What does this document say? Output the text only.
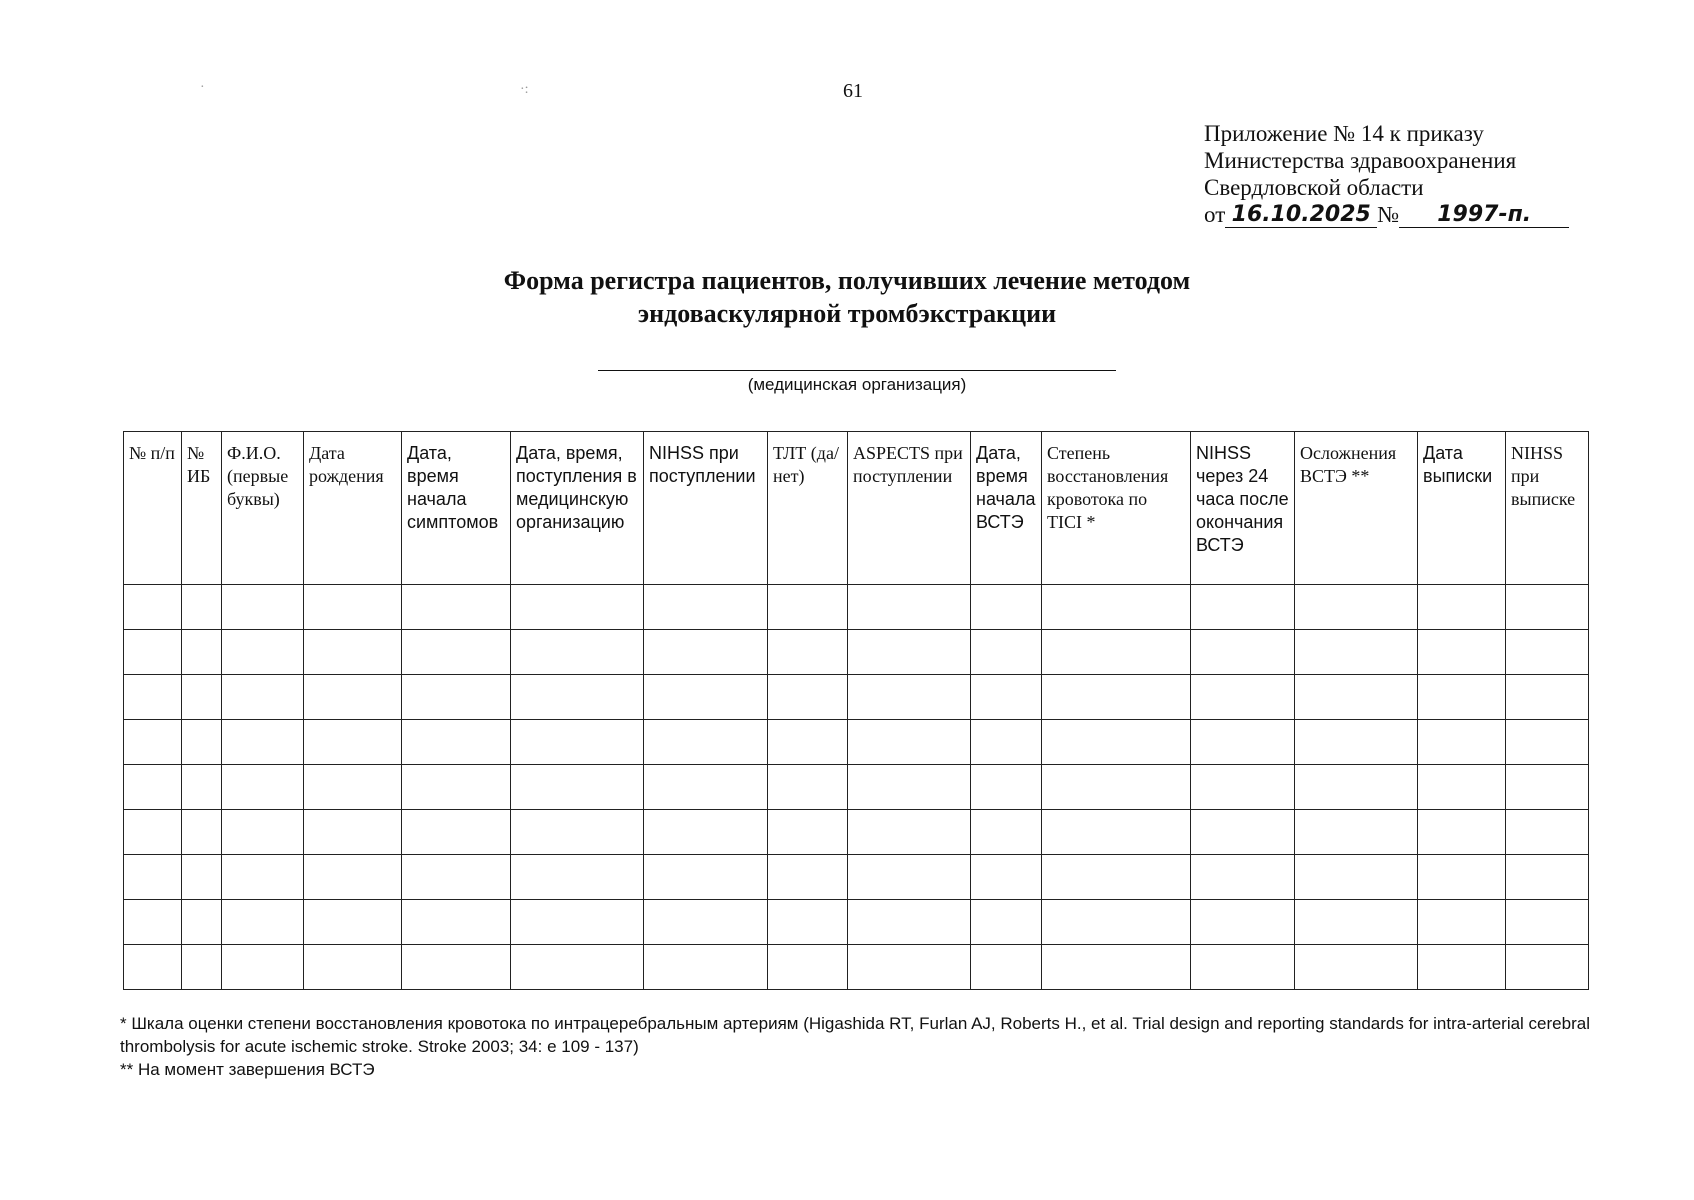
61
·	·:
Приложение № 14 к приказу
Министерства здравоохранения
Свердловской области
от 16.10.2025 №	1997-п.
Форма регистра пациентов, получивших лечение методом
эндоваскулярной тромбэкстракции
(медицинская организация)
№ п/п	№ ИБ	Ф.И.О. (первые буквы)	Дата рождения	Дата, время начала симптомов	Дата, время, поступления в медицинскую организацию	NIHSS при поступлении	ТЛТ (да/нет)	ASPECTS при поступлении	Дата, время начала ВСТЭ	Степень восстановления кровотока по TICI *	NIHSS через 24 часа после окончания ВСТЭ	Осложнения ВСТЭ **	Дата выписки	NIHSS при выписке

* Шкала оценки степени восстановления кровотока по интрацеребральным артериям (Higashida RT, Furlan AJ, Roberts H., et al. Trial design and reporting standards for intra-arterial cerebral thrombolysis for acute ischemic stroke. Stroke 2003; 34: e 109 - 137)
** На момент завершения ВСТЭ
